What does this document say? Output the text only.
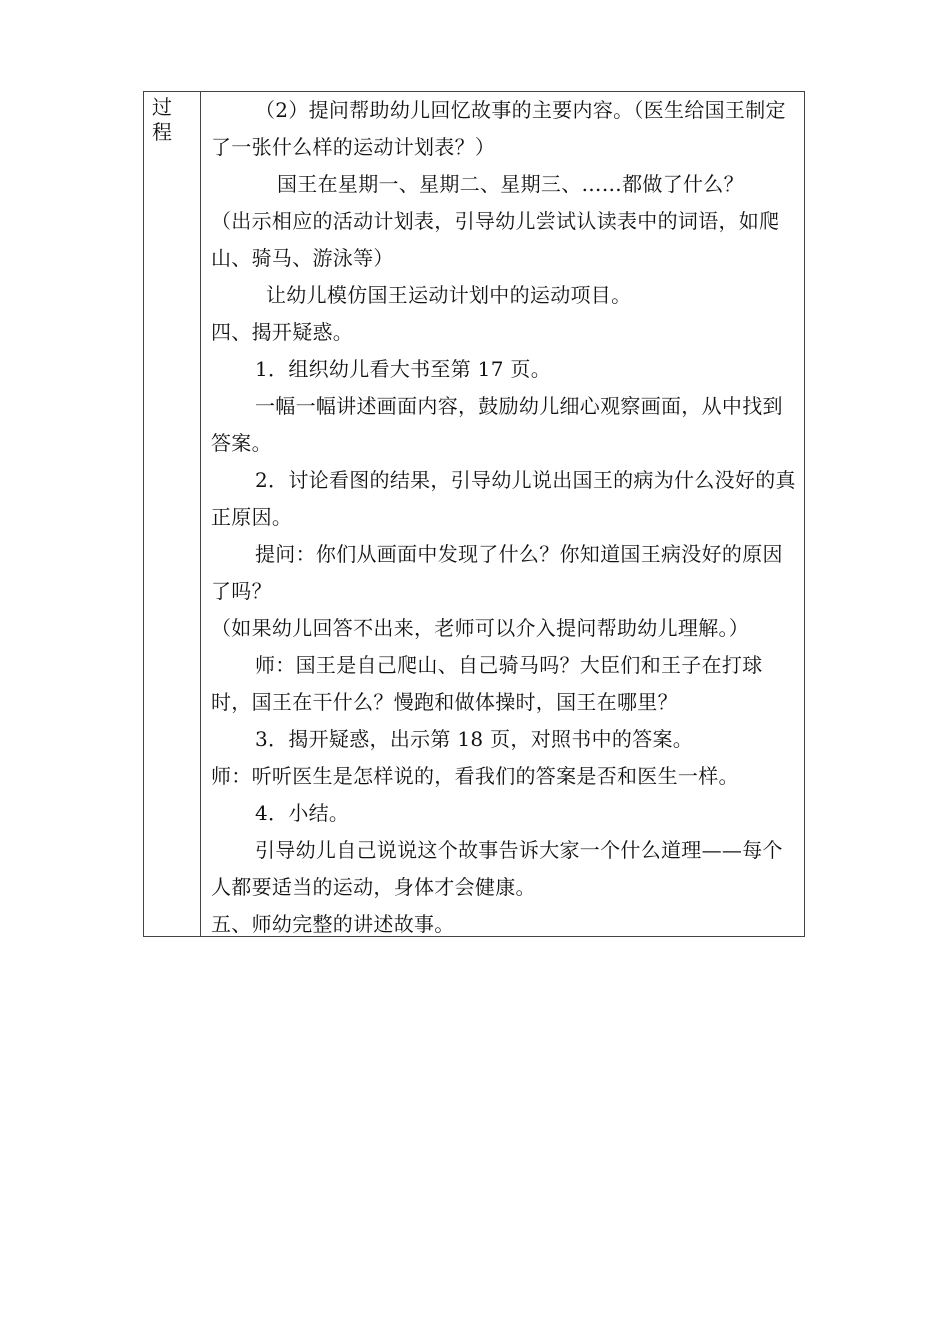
过
程

（2）提问帮助幼儿回忆故事的主要内容。（医生给国王制定了一张什么样的运动计划表？）

国王在星期一、星期二、星期三、……都做了什么？

（出示相应的活动计划表，引导幼儿尝试认读表中的词语，如爬山、骑马、游泳等）

让幼儿模仿国王运动计划中的运动项目。

四、揭开疑惑。

1．组织幼儿看大书至第 17 页。

一幅一幅讲述画面内容，鼓励幼儿细心观察画面，从中找到答案。

2．讨论看图的结果，引导幼儿说出国王的病为什么没好的真正原因。

提问：你们从画面中发现了什么？你知道国王病没好的原因了吗？

（如果幼儿回答不出来，老师可以介入提问帮助幼儿理解。）

师：国王是自己爬山、自己骑马吗？大臣们和王子在打球时，国王在干什么？慢跑和做体操时，国王在哪里？

3．揭开疑惑，出示第 18 页，对照书中的答案。

师：听听医生是怎样说的，看我们的答案是否和医生一样。

4．小结。

引导幼儿自己说说这个故事告诉大家一个什么道理——每个人都要适当的运动，身体才会健康。

五、师幼完整的讲述故事。
